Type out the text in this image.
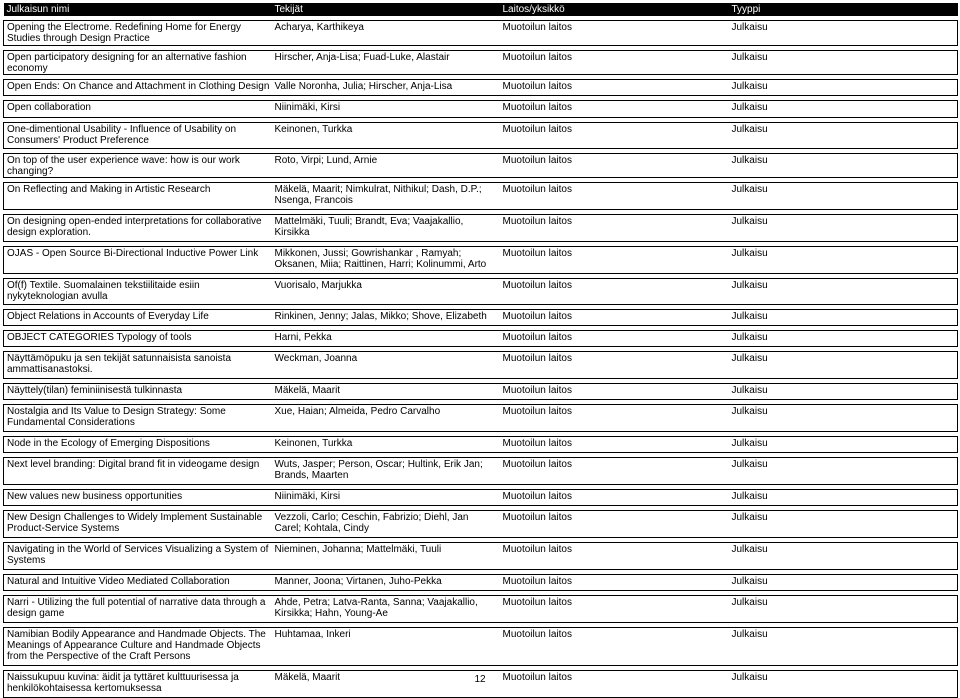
Julkaisun nimi	Tekijät	Laitos/yksikkö	Tyyppi

Opening the Electrome. Redefining Home for Energy Studies through Design Practice	Acharya, Karthikeya	Muotoilun laitos	Julkaisu

Open participatory designing for an alternative fashion economy	Hirscher, Anja-Lisa; Fuad-Luke, Alastair	Muotoilun laitos	Julkaisu

Open Ends: On Chance and Attachment in Clothing Design	Valle Noronha, Julia; Hirscher, Anja-Lisa	Muotoilun laitos	Julkaisu

Open collaboration	Niinimäki, Kirsi	Muotoilun laitos	Julkaisu

One-dimentional Usability - Influence of Usability on Consumers' Product Preference	Keinonen, Turkka	Muotoilun laitos	Julkaisu

On top of the user experience wave: how is our work changing?	Roto, Virpi; Lund, Arnie	Muotoilun laitos	Julkaisu

On Reflecting and Making in Artistic Research	Mäkelä, Maarit; Nimkulrat, Nithikul; Dash, D.P.; Nsenga, Francois	Muotoilun laitos	Julkaisu

On designing open-ended interpretations for collaborative design exploration.	Mattelmäki, Tuuli; Brandt, Eva; Vaajakallio, Kirsikka	Muotoilun laitos	Julkaisu

OJAS - Open Source Bi-Directional Inductive Power Link	Mikkonen, Jussi; Gowrishankar , Ramyah; Oksanen, Miia; Raittinen, Harri; Kolinummi, Arto	Muotoilun laitos	Julkaisu

Of(f) Textile. Suomalainen tekstiilitaide esiin nykyteknologian avulla	Vuorisalo, Marjukka	Muotoilun laitos	Julkaisu

Object Relations in Accounts of Everyday Life	Rinkinen, Jenny; Jalas, Mikko; Shove, Elizabeth	Muotoilun laitos	Julkaisu

OBJECT CATEGORIES Typology of tools	Harni, Pekka	Muotoilun laitos	Julkaisu

Näyttämöpuku ja sen tekijät satunnaisista sanoista ammattisanastoksi.	Weckman, Joanna	Muotoilun laitos	Julkaisu

Näyttely(tilan) feminiinisestä tulkinnasta	Mäkelä, Maarit	Muotoilun laitos	Julkaisu

Nostalgia and Its Value to Design Strategy: Some Fundamental Considerations	Xue, Haian; Almeida, Pedro Carvalho	Muotoilun laitos	Julkaisu

Node in the Ecology of Emerging Dispositions	Keinonen, Turkka	Muotoilun laitos	Julkaisu

Next level branding: Digital brand fit in videogame design	Wuts, Jasper; Person, Oscar; Hultink, Erik Jan; Brands, Maarten	Muotoilun laitos	Julkaisu

New values new business opportunities	Niinimäki, Kirsi	Muotoilun laitos	Julkaisu

New Design Challenges to Widely Implement Sustainable Product-Service Systems	Vezzoli, Carlo; Ceschin, Fabrizio; Diehl, Jan Carel; Kohtala, Cindy	Muotoilun laitos	Julkaisu

Navigating in the World of Services Visualizing a System of Systems	Nieminen, Johanna; Mattelmäki, Tuuli	Muotoilun laitos	Julkaisu

Natural and Intuitive Video Mediated Collaboration	Manner, Joona; Virtanen, Juho-Pekka	Muotoilun laitos	Julkaisu

Narri - Utilizing the full potential of narrative data through a design game	Ahde, Petra; Latva-Ranta, Sanna; Vaajakallio, Kirsikka; Hahn, Young-Ae	Muotoilun laitos	Julkaisu

Namibian Bodily Appearance and Handmade Objects. The Meanings of Appearance Culture and Handmade Objects from the Perspective of the Craft Persons	Huhtamaa, Inkeri	Muotoilun laitos	Julkaisu

Naissukupuu kuvina: äidit ja tyttäret kulttuurisessa ja henkilökohtaisessa kertomuksessa	Mäkelä, Maarit	Muotoilun laitos	Julkaisu
12
